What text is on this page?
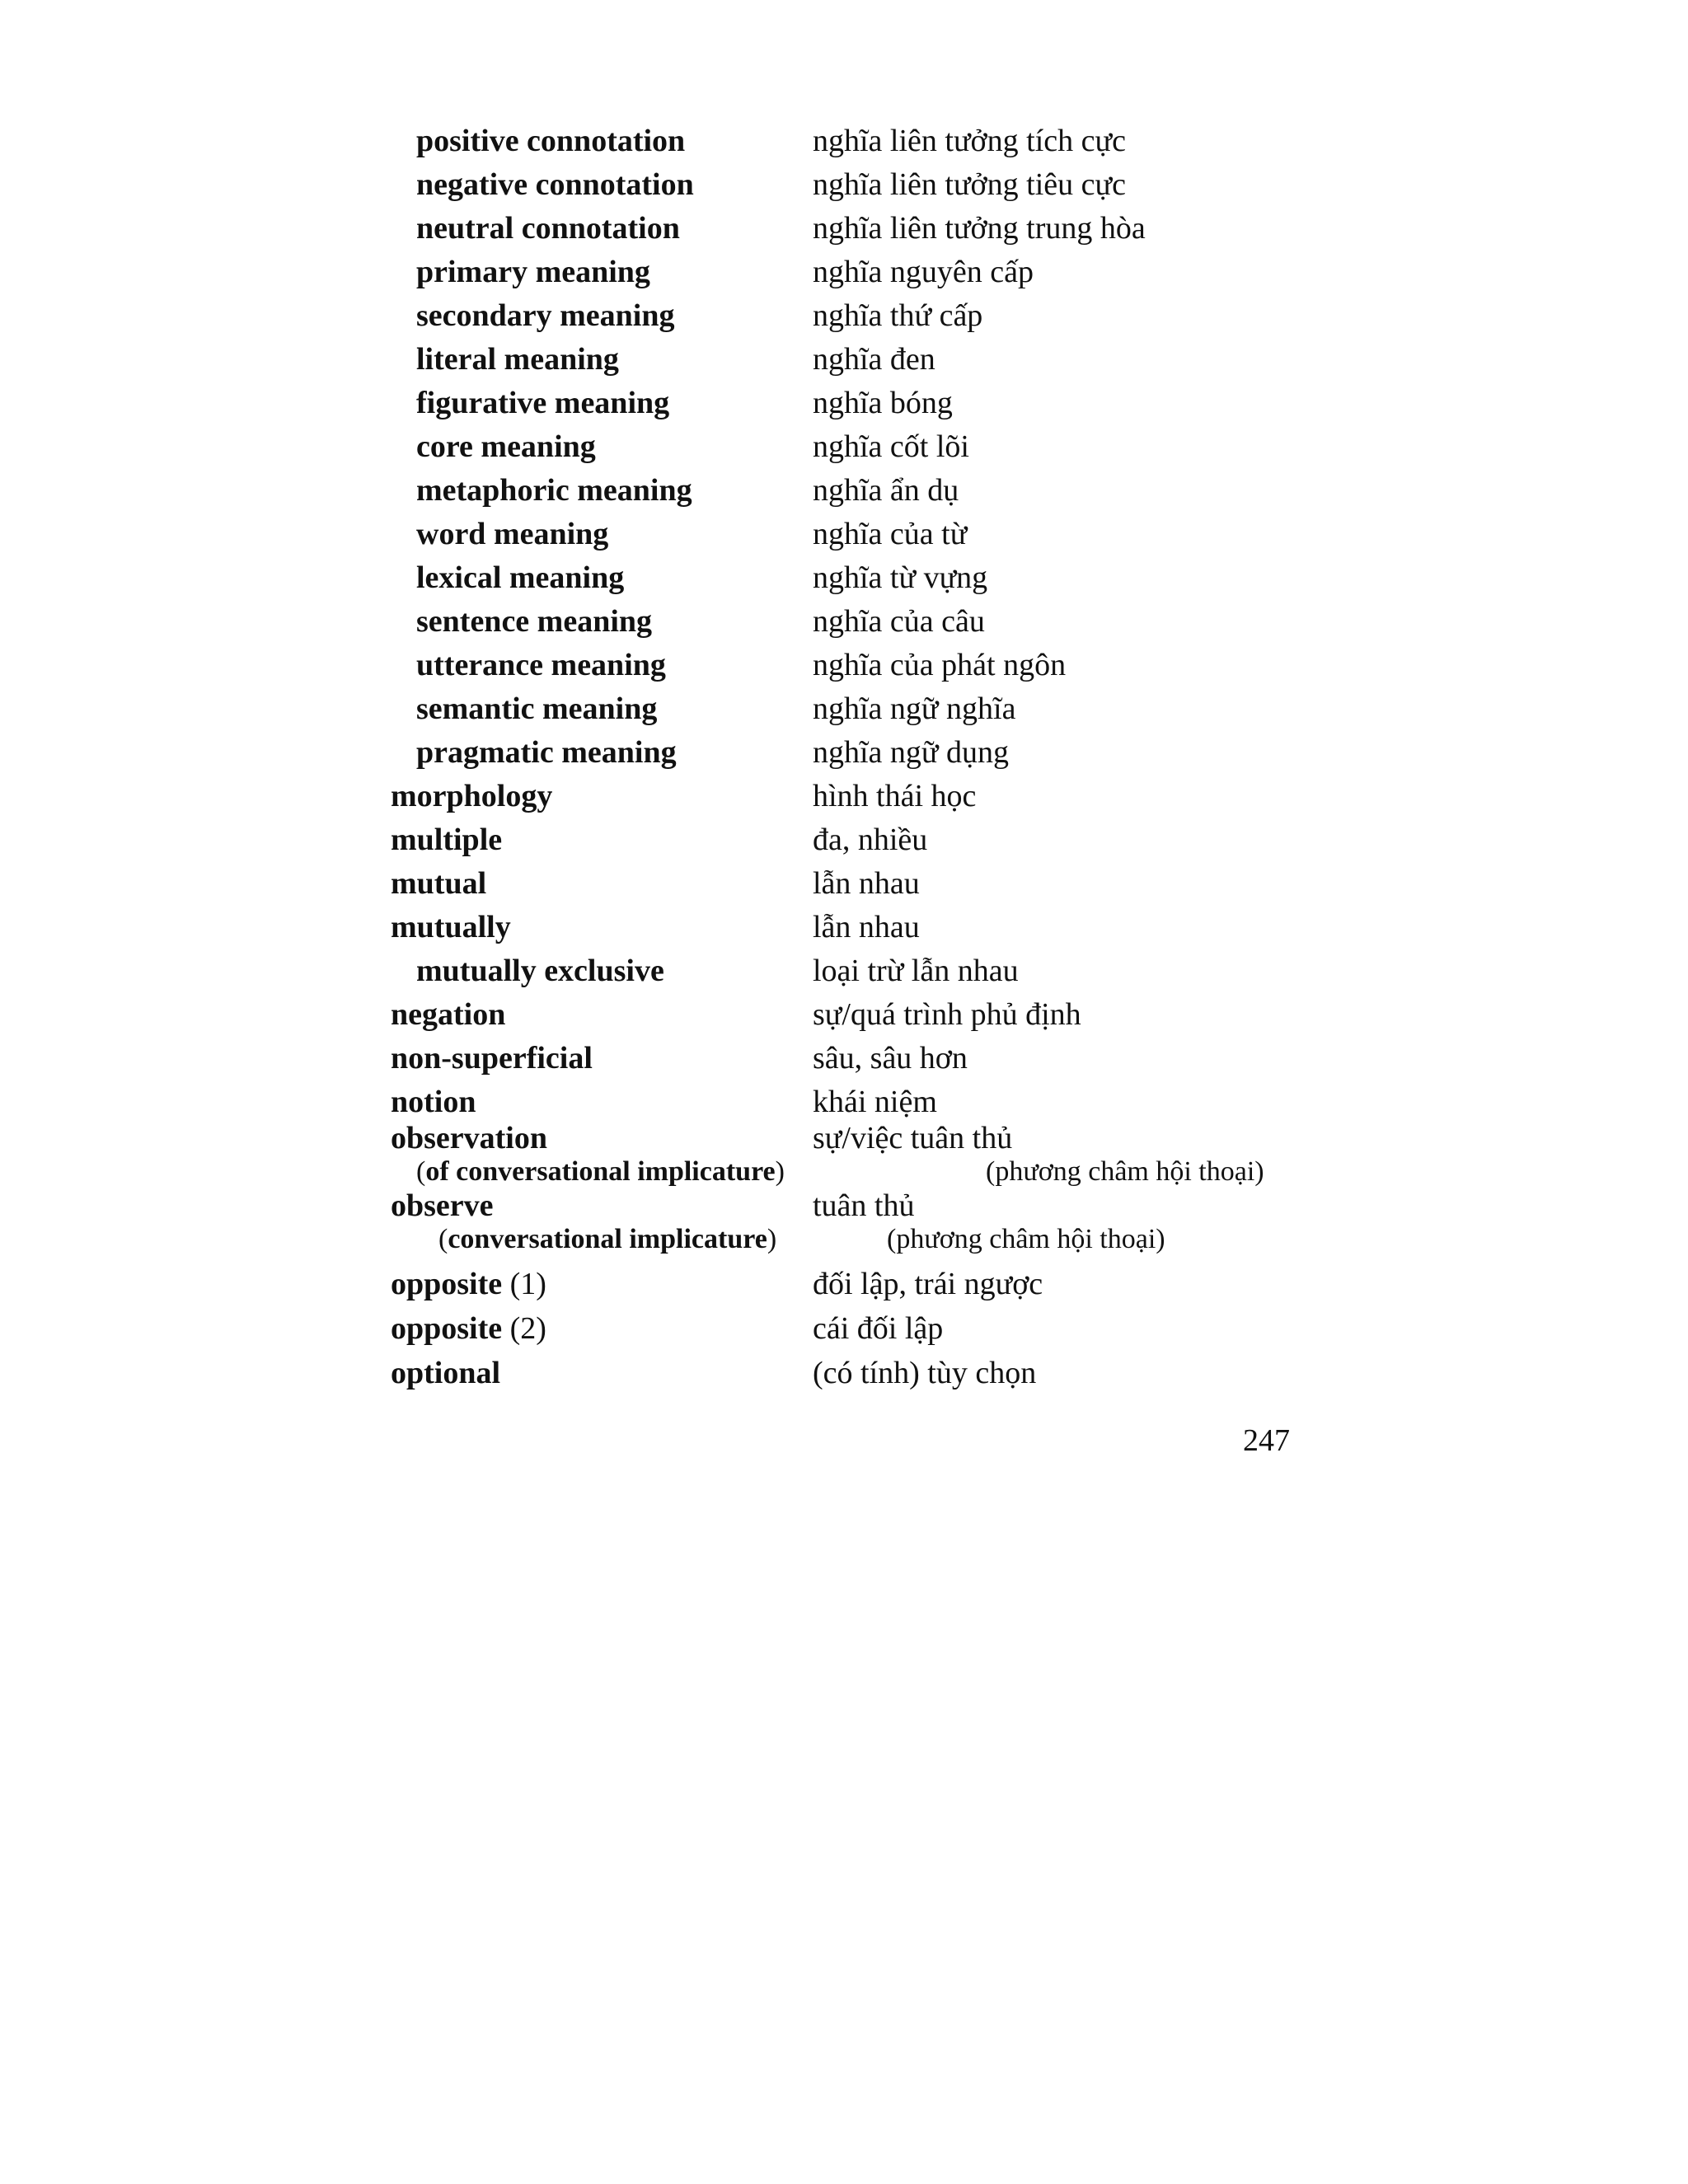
positive connotation	nghĩa liên tưởng tích cực
negative connotation	nghĩa liên tưởng tiêu cực
neutral connotation	nghĩa liên tưởng trung hòa
primary meaning	nghĩa nguyên cấp
secondary meaning	nghĩa thứ cấp
literal meaning	nghĩa đen
figurative meaning	nghĩa bóng
core meaning	nghĩa cốt lõi
metaphoric meaning	nghĩa ẩn dụ
word meaning	nghĩa của từ
lexical meaning	nghĩa từ vựng
sentence meaning	nghĩa của câu
utterance meaning	nghĩa của phát ngôn
semantic meaning	nghĩa ngữ nghĩa
pragmatic meaning	nghĩa ngữ dụng
morphology	hình thái học
multiple	đa, nhiều
mutual	lẫn nhau
mutually	lẫn nhau
mutually exclusive	loại trừ lẫn nhau
negation	sự/quá trình phủ định
non-superficial	sâu, sâu hơn
notion	khái niệm
observation	sự/việc tuân thủ
(of conversational implicature)	(phương châm hội thoại)
observe	tuân thủ
(conversational implicature)	(phương châm hội thoại)
opposite (1)	đối lập, trái ngược
opposite (2)	cái đối lập
optional	(có tính) tùy chọn
247
